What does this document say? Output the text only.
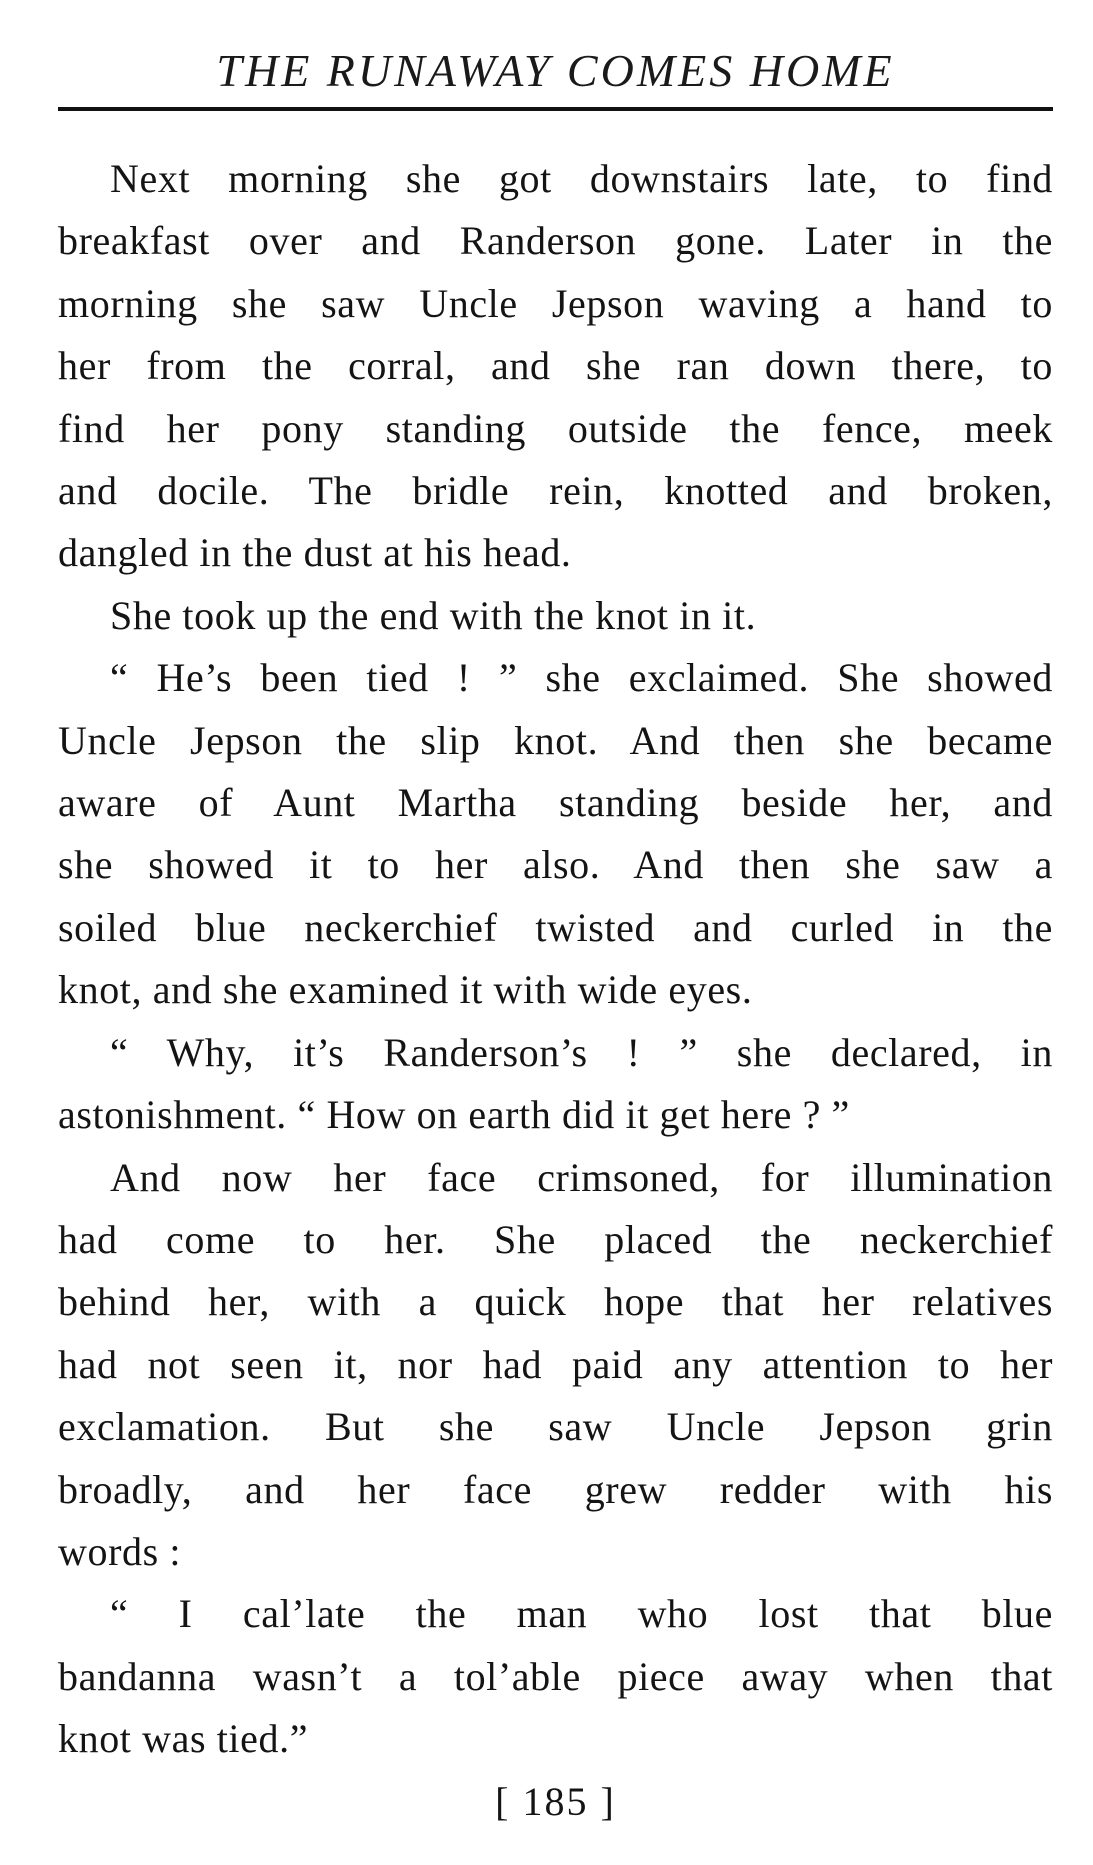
THE RUNAWAY COMES HOME
Next morning she got downstairs late, to find
breakfast over and Randerson gone. Later in the
morning she saw Uncle Jepson waving a hand to
her from the corral, and she ran down there, to
find her pony standing outside the fence, meek
and docile. The bridle rein, knotted and broken,
dangled in the dust at his head.
She took up the end with the knot in it.
“ He’s been tied ! ” she exclaimed. She showed
Uncle Jepson the slip knot. And then she became
aware of Aunt Martha standing beside her, and
she showed it to her also. And then she saw a
soiled blue neckerchief twisted and curled in the
knot, and she examined it with wide eyes.
“ Why, it’s Randerson’s ! ” she declared, in
astonishment. “ How on earth did it get here ? ”
And now her face crimsoned, for illumination
had come to her. She placed the neckerchief
behind her, with a quick hope that her relatives
had not seen it, nor had paid any attention to her
exclamation. But she saw Uncle Jepson grin
broadly, and her face grew redder with his
words :
“ I cal’late the man who lost that blue
bandanna wasn’t a tol’able piece away when that
knot was tied.”
[ 185 ]
